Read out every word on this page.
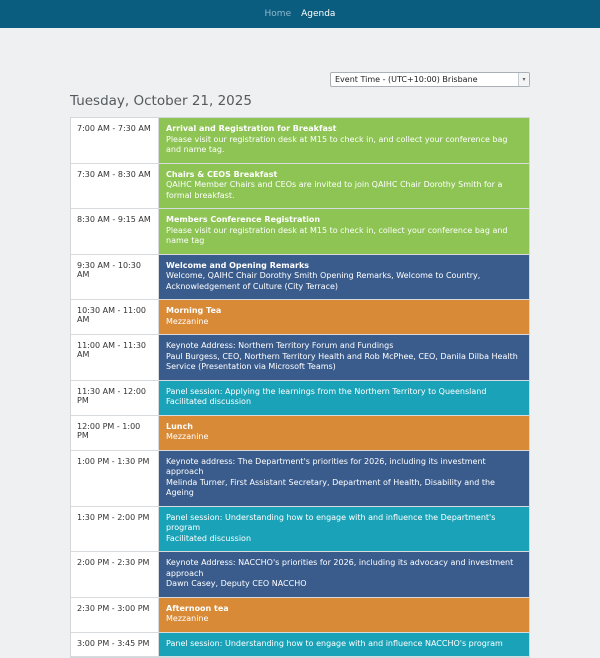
Home Agenda
Event Time - (UTC+10:00) Brisbane	▾
Tuesday, October 21, 2025
7:00 AM - 7:30 AM	Arrival and Registration for Breakfast
Please visit our registration desk at M15 to check in, and collect your conference bag and name tag.
7:30 AM - 8:30 AM	Chairs & CEOS Breakfast
QAIHC Member Chairs and CEOs are invited to join QAIHC Chair Dorothy Smith for a formal breakfast.
8:30 AM - 9:15 AM	Members Conference Registration
Please visit our registration desk at M15 to check in, collect your conference bag and name tag
9:30 AM - 10:30 AM
Welcome and Opening Remarks
Welcome, QAIHC Chair Dorothy Smith Opening Remarks, Welcome to Country, Acknowledgement of Culture (City Terrace)
10:30 AM - 11:00 AM
Morning Tea
Mezzanine
11:00 AM - 11:30 AM
Keynote Address: Northern Territory Forum and Fundings
Paul Burgess, CEO, Northern Territory Health and Rob McPhee, CEO, Danila Dilba Health Service (Presentation via Microsoft Teams)
11:30 AM - 12:00 PM
Panel session: Applying the learnings from the Northern Territory to Queensland
Facilitated discussion
12:00 PM - 1:00 PM
Lunch
Mezzanine
1:00 PM - 1:30 PM	Keynote address: The Department's priorities for 2026, including its investment approach
Melinda Turner, First Assistant Secretary, Department of Health, Disability and the Ageing
1:30 PM - 2:00 PM	Panel session: Understanding how to engage with and influence the Department's program
Facilitated discussion
2:00 PM - 2:30 PM	Keynote Address: NACCHO's priorities for 2026, including its advocacy and investment approach
Dawn Casey, Deputy CEO NACCHO
2:30 PM - 3:00 PM	Afternoon tea
Mezzanine
3:00 PM - 3:45 PM	Panel session: Understanding how to engage with and influence NACCHO's program
